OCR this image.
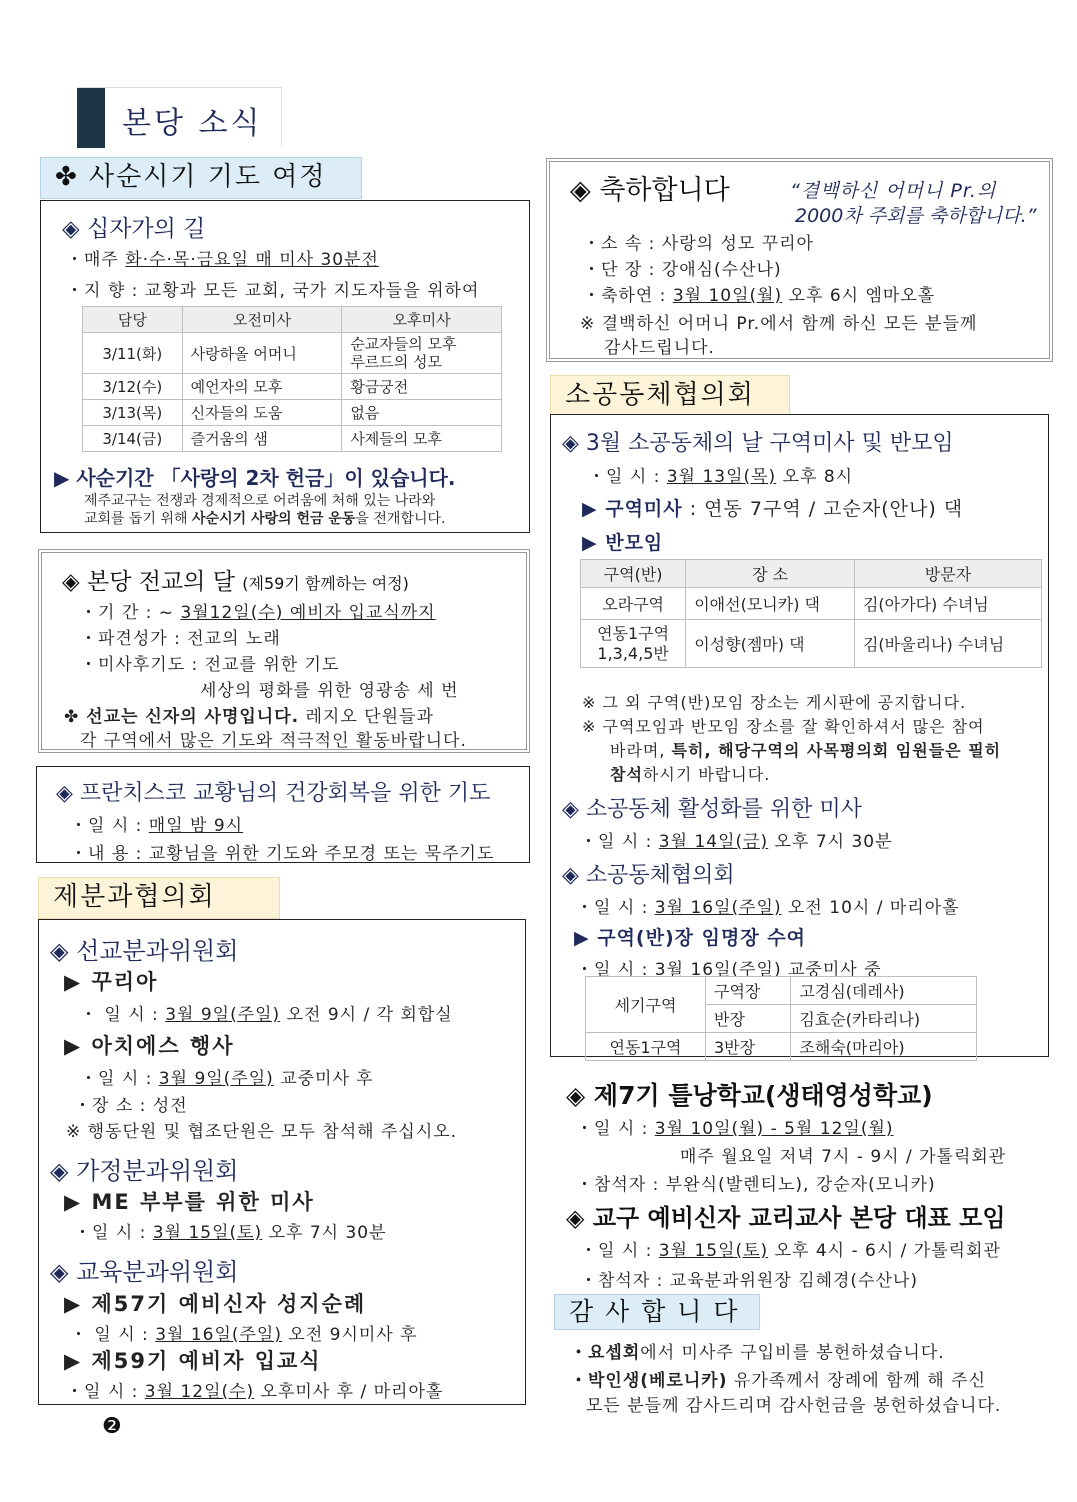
본당 소식
✤ 사순시기 기도 여정
◈ 십자가의 길
・매주 화·수·목·금요일 매 미사 30분전
・지 향 : 교황과 모든 교회, 국가 지도자들을 위하여
담당	오전미사	오후미사
3/11(화)	사랑하올 어머니	순교자들의 모후
루르드의 성모
3/12(수)	예언자의 모후	황금궁전
3/13(목)	신자들의 도움	없음
3/14(금)	즐거움의 샘	사제들의 모후
▶ 사순기간 「사랑의 2차 헌금」이 있습니다.
제주교구는 전쟁과 경제적으로 어려움에 처해 있는 나라와
교회를 돕기 위해 사순시기 사랑의 헌금 운동을 전개합니다.
◈ 본당 전교의 달 (제59기 함께하는 여정)
・기 간 : ~ 3월12일(수) 예비자 입교식까지
・파견성가 : 전교의 노래
・미사후기도 : 전교를 위한 기도
세상의 평화를 위한 영광송 세 번
✤ 선교는 신자의 사명입니다. 레지오 단원들과
각 구역에서 많은 기도와 적극적인 활동바랍니다.
◈ 프란치스코 교황님의 건강회복을 위한 기도
・일 시 : 매일 밤 9시
・내 용 : 교황님을 위한 기도와 주모경 또는 묵주기도
제분과협의회
◈ 선교분과위원회
▶ 꾸리아
・ 일 시 : 3월 9일(주일) 오전 9시 / 각 회합실
▶ 아치에스 행사
・일 시 : 3월 9일(주일) 교중미사 후
・장 소 : 성전
※ 행동단원 및 협조단원은 모두 참석해 주십시오.
◈ 가정분과위원회
▶ ME 부부를 위한 미사
・일 시 : 3월 15일(토) 오후 7시 30분
◈ 교육분과위원회
▶ 제57기 예비신자 성지순례
・ 일 시 : 3월 16일(주일) 오전 9시미사 후
▶ 제59기 예비자 입교식
・일 시 : 3월 12일(수) 오후미사 후 / 마리아홀
❷
◈ 축하합니다	“결백하신 어머니 Pr.의
2000차 주회를 축하합니다.”
・소 속 : 사랑의 성모 꾸리아
・단 장 : 강애심(수산나)
・축하연 : 3월 10일(월) 오후 6시 엠마오홀
※ 결백하신 어머니 Pr.에서 함께 하신 모든 분들께
감사드립니다.
소공동체협의회
◈ 3월 소공동체의 날 구역미사 및 반모임
・일 시 : 3월 13일(목) 오후 8시
▶ 구역미사 : 연동 7구역 / 고순자(안나) 댁
▶ 반모임
구역(반)	장 소	방문자
오라구역	이애선(모니카) 댁	김(아가다) 수녀님
연동1구역
1,3,4,5반	이성향(젬마) 댁	김(바울리나) 수녀님
※ 그 외 구역(반)모임 장소는 게시판에 공지합니다.
※ 구역모임과 반모임 장소를 잘 확인하셔서 많은 참여
바라며, 특히, 해당구역의 사목평의회 임원들은 필히
참석하시기 바랍니다.
◈ 소공동체 활성화를 위한 미사
・일 시 : 3월 14일(금) 오후 7시 30분
◈ 소공동체협의회
・일 시 : 3월 16일(주일) 오전 10시 / 마리아홀
▶ 구역(반)장 임명장 수여
・일 시 : 3월 16일(주일) 교중미사 중
세기구역	구역장	고경심(데레사)
	반장	김효순(카타리나)
연동1구역	3반장	조해숙(마리아)
◈ 제7기 틀낭학교(생태영성학교)
・일 시 : 3월 10일(월) - 5월 12일(월)
매주 월요일 저녁 7시 - 9시 / 가톨릭회관
・참석자 : 부완식(발렌티노), 강순자(모니카)
◈ 교구 예비신자 교리교사 본당 대표 모임
・일 시 : 3월 15일(토) 오후 4시 - 6시 / 가톨릭회관
・참석자 : 교육분과위원장 김혜경(수산나)
감 사 합 니 다
・요셉회에서 미사주 구입비를 봉헌하셨습니다.
・박인생(베로니카) 유가족께서 장례에 함께 해 주신
모든 분들께 감사드리며 감사헌금을 봉헌하셨습니다.
